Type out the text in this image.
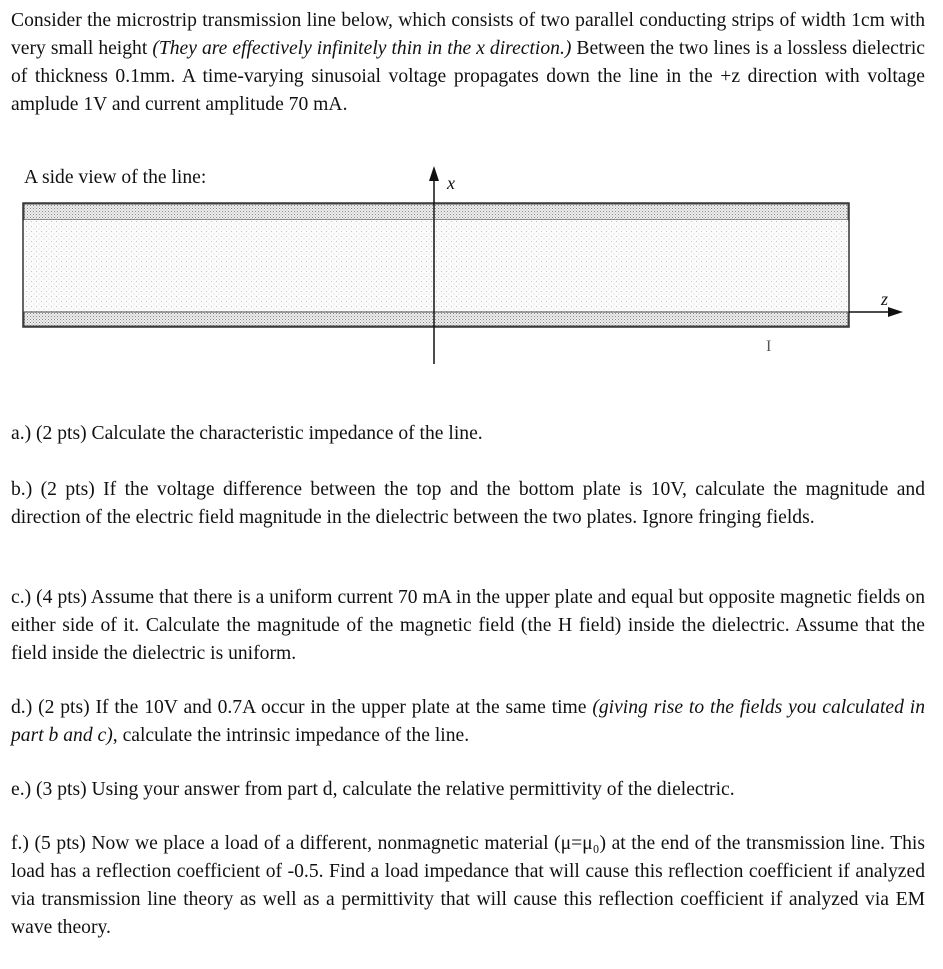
Consider the microstrip transmission line below, which consists of two parallel conducting strips of width 1cm with very small height (They are effectively infinitely thin in the x direction.) Between the two lines is a lossless dielectric of thickness 0.1mm. A time-varying sinusoial voltage propagates down the line in the +z direction with voltage amplude 1V and current amplitude 70 mA.
A side view of the line:	x
z
I
a.) (2 pts) Calculate the characteristic impedance of the line.
b.) (2 pts) If the voltage difference between the top and the bottom plate is 10V, calculate the magnitude and direction of the electric field magnitude in the dielectric between the two plates. Ignore fringing fields.
c.) (4 pts) Assume that there is a uniform current 70 mA in the upper plate and equal but opposite magnetic fields on either side of it. Calculate the magnitude of the magnetic field (the H field) inside the dielectric. Assume that the field inside the dielectric is uniform.
d.) (2 pts) If the 10V and 0.7A occur in the upper plate at the same time (giving rise to the fields you calculated in part b and c), calculate the intrinsic impedance of the line.
e.) (3 pts) Using your answer from part d, calculate the relative permittivity of the dielectric.
f.) (5 pts) Now we place a load of a different, nonmagnetic material (μ=μ₀) at the end of the transmission line. This load has a reflection coefficient of -0.5. Find a load impedance that will cause this reflection coefficient if analyzed via transmission line theory as well as a permittivity that will cause this reflection coefficient if analyzed via EM wave theory.
